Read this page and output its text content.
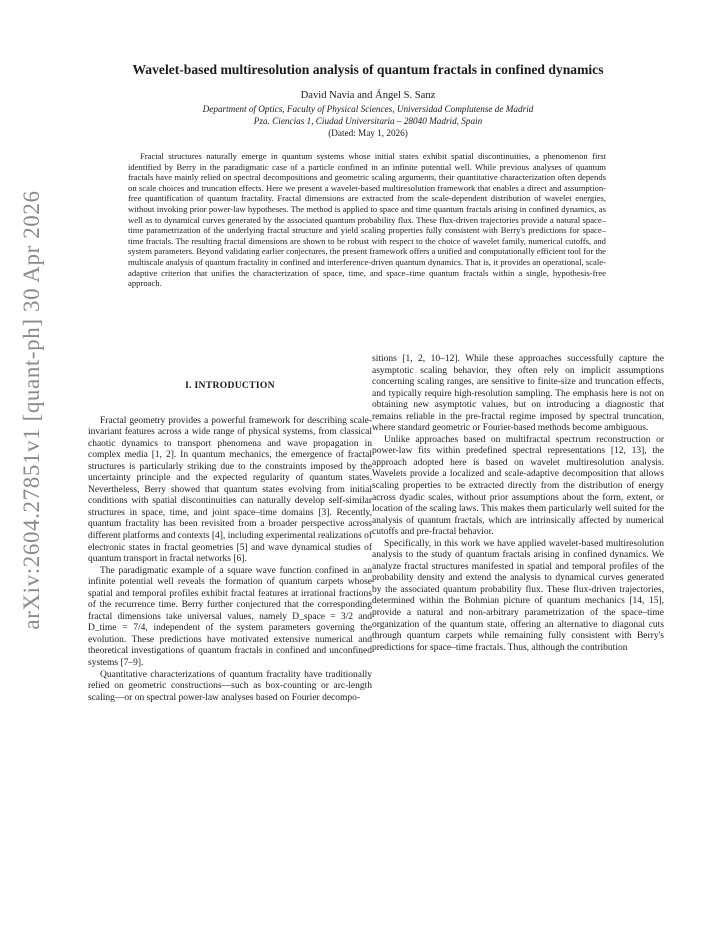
arXiv:2604.27851v1 [quant-ph] 30 Apr 2026
Wavelet-based multiresolution analysis of quantum fractals in confined dynamics
David Navia and Ángel S. Sanz
Department of Optics, Faculty of Physical Sciences, Universidad Complutense de Madrid
Pza. Ciencias 1, Ciudad Universitaria – 28040 Madrid, Spain
(Dated: May 1, 2026)
Fractal structures naturally emerge in quantum systems whose initial states exhibit spatial discontinuities, a phenomenon first identified by Berry in the paradigmatic case of a particle confined in an infinite potential well. While previous analyses of quantum fractals have mainly relied on spectral decompositions and geometric scaling arguments, their quantitative characterization often depends on scale choices and truncation effects. Here we present a wavelet-based multiresolution framework that enables a direct and assumption-free quantification of quantum fractality. Fractal dimensions are extracted from the scale-dependent distribution of wavelet energies, without invoking prior power-law hypotheses. The method is applied to space and time quantum fractals arising in confined dynamics, as well as to dynamical curves generated by the associated quantum probability flux. These flux-driven trajectories provide a natural space–time parametrization of the underlying fractal structure and yield scaling properties fully consistent with Berry's predictions for space–time fractals. The resulting fractal dimensions are shown to be robust with respect to the choice of wavelet family, numerical cutoffs, and system parameters. Beyond validating earlier conjectures, the present framework offers a unified and computationally efficient tool for the multiscale analysis of quantum fractality in confined and interference-driven quantum dynamics. That is, it provides an operational, scale-adaptive criterion that unifies the characterization of space, time, and space–time quantum fractals within a single, hypothesis-free approach.
I. INTRODUCTION

Fractal geometry provides a powerful framework for describing scale-invariant features across a wide range of physical systems, from classical chaotic dynamics to transport phenomena and wave propagation in complex media [1, 2]. In quantum mechanics, the emergence of fractal structures is particularly striking due to the constraints imposed by the uncertainty principle and the expected regularity of quantum states. Nevertheless, Berry showed that quantum states evolving from initial conditions with spatial discontinuities can naturally develop self-similar structures in space, time, and joint space–time domains [3]. Recently, quantum fractality has been revisited from a broader perspective across different platforms and contexts [4], including experimental realizations of electronic states in fractal geometries [5] and wave dynamical studies of quantum transport in fractal networks [6].

The paradigmatic example of a square wave function confined in an infinite potential well reveals the formation of quantum carpets whose spatial and temporal profiles exhibit fractal features at irrational fractions of the recurrence time. Berry further conjectured that the corresponding fractal dimensions take universal values, namely D_space = 3/2 and D_time = 7/4, independent of the system parameters governing the evolution. These predictions have motivated extensive numerical and theoretical investigations of quantum fractals in confined and unconfined systems [7–9].

Quantitative characterizations of quantum fractality have traditionally relied on geometric constructions—such as box-counting or arc-length scaling—or on spectral power-law analyses based on Fourier decompo-

sitions [1, 2, 10–12]. While these approaches successfully capture the asymptotic scaling behavior, they often rely on implicit assumptions concerning scaling ranges, are sensitive to finite-size and truncation effects, and typically require high-resolution sampling. The emphasis here is not on obtaining new asymptotic values, but on introducing a diagnostic that remains reliable in the pre-fractal regime imposed by spectral truncation, where standard geometric or Fourier-based methods become ambiguous.

Unlike approaches based on multifractal spectrum reconstruction or power-law fits within predefined spectral representations [12, 13], the approach adopted here is based on wavelet multiresolution analysis. Wavelets provide a localized and scale-adaptive decomposition that allows scaling properties to be extracted directly from the distribution of energy across dyadic scales, without prior assumptions about the form, extent, or location of the scaling laws. This makes them particularly well suited for the analysis of quantum fractals, which are intrinsically affected by numerical cutoffs and pre-fractal behavior.

Specifically, in this work we have applied wavelet-based multiresolution analysis to the study of quantum fractals arising in confined dynamics. We analyze fractal structures manifested in spatial and temporal profiles of the probability density and extend the analysis to dynamical curves generated by the associated quantum probability flux. These flux-driven trajectories, determined within the Bohmian picture of quantum mechanics [14, 15], provide a natural and non-arbitrary parametrization of the space–time organization of the quantum state, offering an alternative to diagonal cuts through quantum carpets while remaining fully consistent with Berry's predictions for space–time fractals. Thus, although the contribution
